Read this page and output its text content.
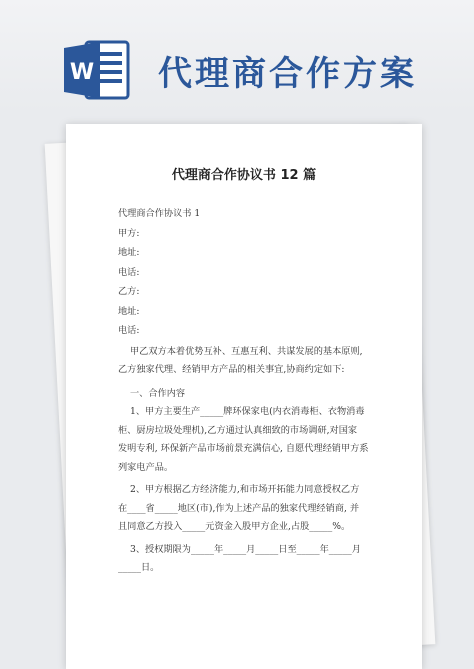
W 代理商合作方案
代理商合作协议书 12 篇
代理商合作协议书 1
甲方:
地址:
电话:
乙方:
地址:
电话:
甲乙双方本着优势互补、互惠互利、共谋发展的基本原则,
乙方独家代理、经销甲方产品的相关事宜,协商约定如下:
一、合作内容
1、甲方主要生产_____牌环保家电(内衣消毒柜、衣物消毒
柜、厨房垃圾处理机),乙方通过认真细致的市场调研,对国家
发明专利, 环保新产品市场前景充满信心, 自愿代理经销甲方系
列家电产品。
2、甲方根据乙方经济能力,和市场开拓能力同意授权乙方
在____省_____地区(市),作为上述产品的独家代理经销商, 并
且同意乙方投入_____元资金入股甲方企业,占股_____%。
3、授权期限为_____年_____月_____日至_____年_____月
_____日。
